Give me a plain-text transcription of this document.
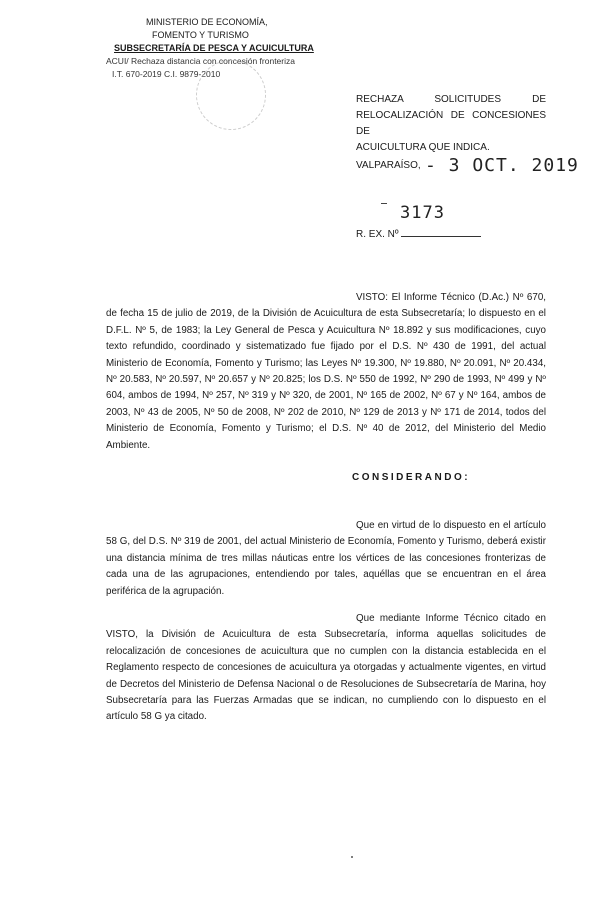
MINISTERIO DE ECONOMÍA,
FOMENTO Y TURISMO
SUBSECRETARÍA DE PESCA Y ACUICULTURA
ACUI/ Rechaza distancia con concesión fronteriza
I.T. 670-2019 C.I. 9879-2010
RECHAZA SOLICITUDES DE
RELOCALIZACIÓN DE CONCESIONES DE
ACUICULTURA QUE INDICA.
VALPARAÍSO, - 3 OCT. 2019
3173
R. EX. Nº
VISTO: El Informe Técnico (D.Ac.) Nº 670, de fecha 15 de julio de 2019, de la División de Acuicultura de esta Subsecretaría; lo dispuesto en el D.F.L. Nº 5, de 1983; la Ley General de Pesca y Acuicultura Nº 18.892 y sus modificaciones, cuyo texto refundido, coordinado y sistematizado fue fijado por el D.S. Nº 430 de 1991, del actual Ministerio de Economía, Fomento y Turismo; las Leyes Nº 19.300, Nº 19.880, Nº 20.091, Nº 20.434, Nº 20.583, Nº 20.597, Nº 20.657 y Nº 20.825; los D.S. Nº 550 de 1992, Nº 290 de 1993, Nº 499 y Nº 604, ambos de 1994, Nº 257, Nº 319 y Nº 320, de 2001, Nº 165 de 2002, Nº 67 y Nº 164, ambos de 2003, Nº 43 de 2005, Nº 50 de 2008, Nº 202 de 2010, Nº 129 de 2013 y Nº 171 de 2014, todos del Ministerio de Economía, Fomento y Turismo; el D.S. Nº 40 de 2012, del Ministerio del Medio Ambiente.
CONSIDERANDO:
Que en virtud de lo dispuesto en el artículo 58 G, del D.S. Nº 319 de 2001, del actual Ministerio de Economía, Fomento y Turismo, deberá existir una distancia mínima de tres millas náuticas entre los vértices de las concesiones fronterizas de cada una de las agrupaciones, entendiendo por tales, aquéllas que se encuentran en el área periférica de la agrupación.
Que mediante Informe Técnico citado en VISTO, la División de Acuicultura de esta Subsecretaría, informa aquellas solicitudes de relocalización de concesiones de acuicultura que no cumplen con la distancia establecida en el Reglamento respecto de concesiones de acuicultura ya otorgadas y actualmente vigentes, en virtud de Decretos del Ministerio de Defensa Nacional o de Resoluciones de Subsecretaría de Marina, hoy Subsecretaría para las Fuerzas Armadas que se indican, no cumpliendo con lo dispuesto en el artículo 58 G ya citado.
